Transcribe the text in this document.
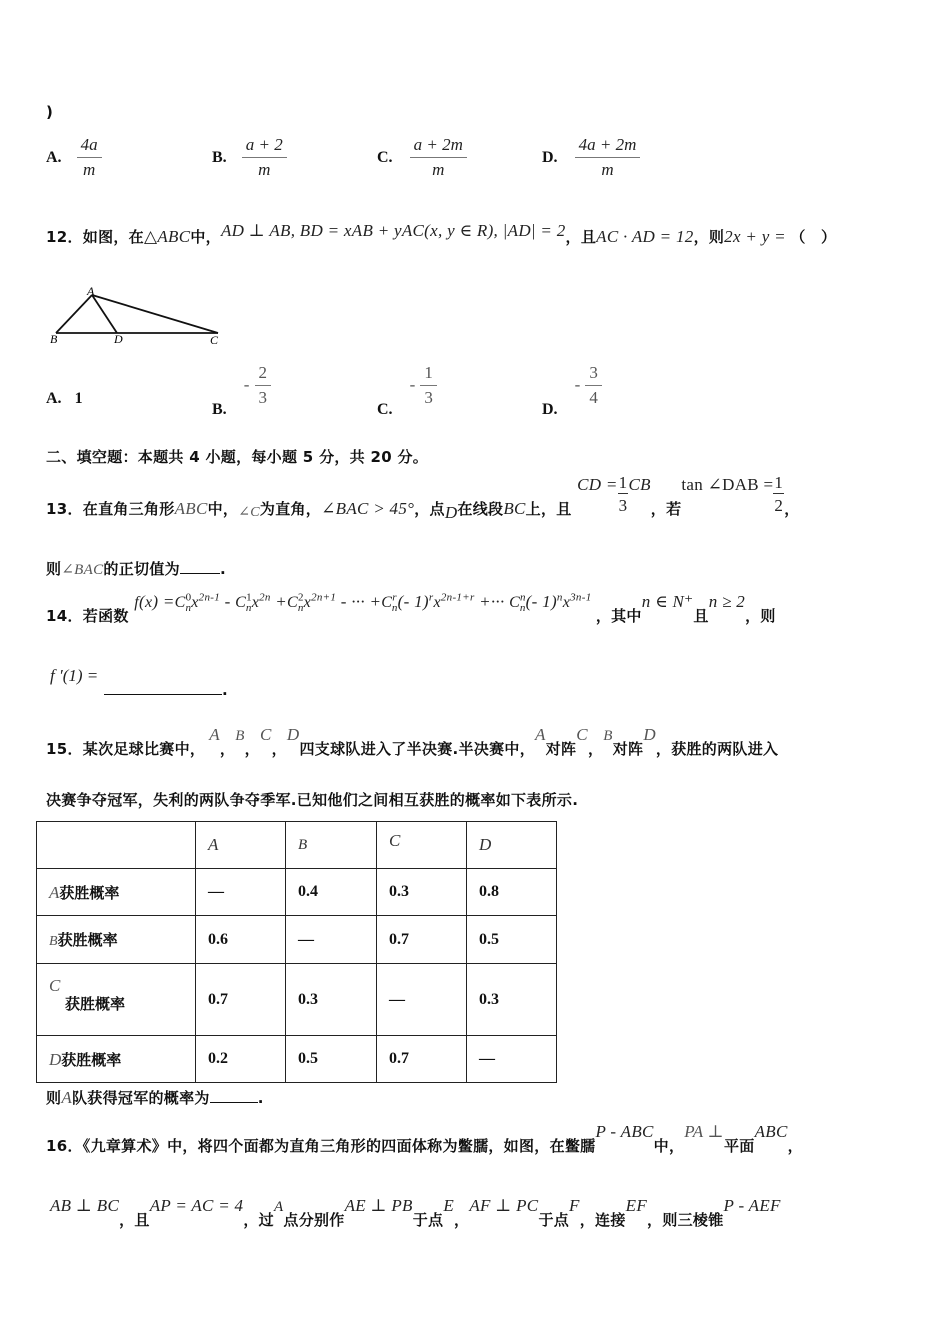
)
A. $\frac{4a}{m}$	B. $\frac{a + 2}{m}$	C. $\frac{a + 2m}{m}$	D. $\frac{4a + 2m}{m}$
12．如图，在△ABC中，AD ⊥ AB, BD = xAB + yAC(x, y ∈ R), |AD| = 2，且AC · AD = 12，则2x + y = （　）
A
B	D	C
A. 1
B. - $\frac{2}{3}$
C. - $\frac{1}{3}$
D. - $\frac{3}{4}$
二、填空题：本题共 4 小题，每小题 5 分，共 20 分。
13．在直角三角形ABC中，∠C为直角，∠BAC > 45°，点D在线段BC上，且 CD = $\frac{1}{3}$ CB，若tan ∠DAB = $\frac{1}{2}$ ，
则∠BAC的正切值为	.
14．若函数 $f(x) =C^0_nx^{2n-1} - C^1_nx^{2n} +C^2_nx^{2n+1}$ - ··· $+C^r_n(-$ $1)^rx^{2n-1+r}$ +··· $C^n_n(-$ $1)^nx^{3n-1}$ ，其中n ∈ N⁺且n ≥ 2，则
f ′(1) =
.
15．某次足球比赛中，A，B，C，D四支球队进入了半决赛.半决赛中，A对阵C，B对阵D，获胜的两队进入
决赛争夺冠军，失利的两队争夺季军.已知他们之间相互获胜的概率如下表所示.
	A	B	C	D
A获胜概率	—	0.4	0.3	0.8
B获胜概率	0.6	—	0.7	0.5

C
获胜概率	0.7	0.3	—	0.3
D获胜概率	0.2	0.5	0.7	—
则A队获得冠军的概率为	.
16．《九章算术》中，将四个面都为直角三角形的四面体称为鳖臑，如图，在鳖臑P - ABC中，PA ⊥平面ABC，
AB ⊥ BC，且AP = AC = 4，过A点分别作AE ⊥ PB于点E，AF ⊥ PC于点F，连接EF，则三棱锥P - AEF
